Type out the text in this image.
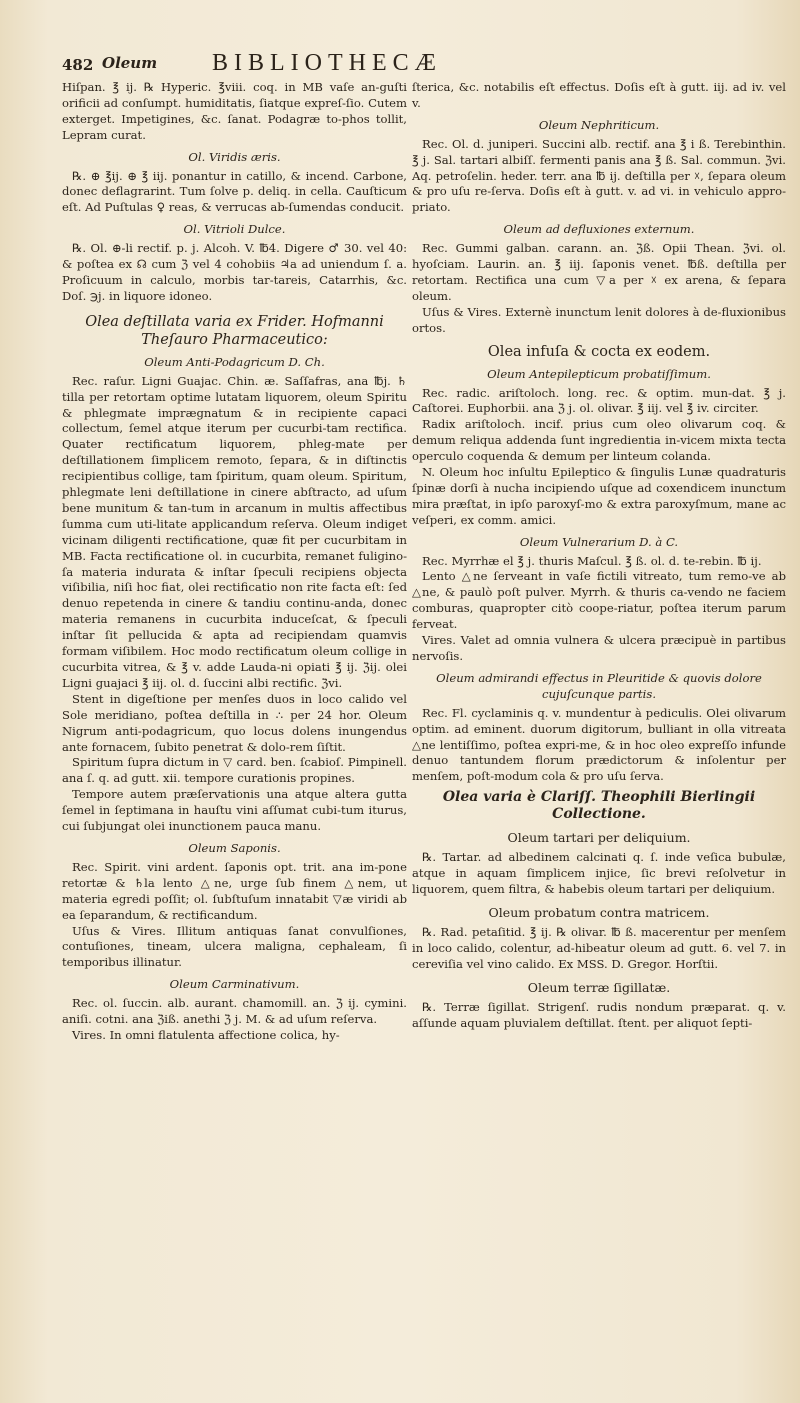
482 Oleum BIBLIOTHECÆ

Hiſpan. ℥ ij. ℞ Hyperic. ℥viii. coq. in MB vaſe an-guſti orificii ad conſumpt. humiditatis, ſiatque expreſ-ſio. Cutem exterget. Impetigines, &c. ſanat. Podagræ to-phos tollit, Lepram curat.

Ol. Viridis æris.

℞. ⊕ ℥ij. ⊕ ℥ iij. ponantur in catillo, & incend. Carbone, donec deflagrarint. Tum ſolve p. deliq. in cella. Cauſticum eſt. Ad Puſtulas ♀ reas, & verrucas ab-ſumendas conducit.

Ol. Vitrioli Dulce.

℞. Ol. ⊕-li rectif. p. j. Alcoh. V. ℔4. Digere ♂ 30. vel 40: & poſtea ex ☊ cum ℨ vel 4 cohobiis ♃a ad uniendum ſ. a. Proſicuum in calculo, morbis tar-tareis, Catarrhis, &c. Doſ. ℈j. in liquore idoneo.

Olea deſtillata varia ex Frider. Hofmanni Theſauro Pharmaceutico:
Oleum Anti-Podagricum D. Ch.

Rec. raſur. Ligni Guajac. Chin. æ. Saſſafras, ana ℔j. ♄ tilla per retortam optime lutatam liquorem, oleum Spiritu & phlegmate imprægnatum & in recipiente capaci collectum, ſemel atque iterum per cucurbi-tam rectifica. Quater rectificatum liquorem, phleg-mate per deſtillationem ſimplicem remoto, ſepara, & in diſtinctis recipientibus collige, tam ſpiritum, quam oleum. Spiritum, phlegmate leni deſtillatione in cinere abſtracto, ad uſum bene munitum & tan-tum in arcanum in multis affectibus ſumma cum uti-litate applicandum reſerva. Oleum indiget vicinam diligenti rectificatione, quæ fit per cucurbitam in MB. Facta rectificatione ol. in cucurbita, remanet fuligino-ſa materia indurata & inſtar ſpeculi recipiens objecta viſibilia, niſi hoc fiat, olei rectificatio non rite facta eſt: ſed denuo repetenda in cinere & tandiu continu-anda, donec materia remanens in cucurbita induceſcat, & ſpeculi inſtar ſit pellucida & apta ad recipiendam quamvis formam viſibilem. Hoc modo rectificatum oleum collige in cucurbita vitrea, & ℥ v. adde Lauda-ni opiati ℥ ij. ℨij. olei Ligni guajaci ℥ iij. ol. d. ſuccini albi rectific. ℨvi.

Stent in digeſtione per menſes duos in loco calido vel Sole meridiano, poſtea deſtilla in ∴ per 24 hor. Oleum Nigrum anti-podagricum, quo locus dolens inungendus ante fornacem, ſubito penetrat & dolo-rem ſiſtit.

Spiritum ſupra dictum in ▽ card. ben. ſcabioſ. Pimpinell. ana ſ. q. ad gutt. xii. tempore curationis propines.

Tempore autem præſervationis una atque altera gutta ſemel in ſeptimana in hauſtu vini aſſumat cubi-tum iturus, cui ſubjungat olei inunctionem pauca manu.

Oleum Saponis.

Rec. Spirit. vini ardent. ſaponis opt. trit. ana im-pone retortæ & ♄la lento △ne, urge ſub finem △nem, ut materia egredi poſſit; ol. ſubſtuſum innatabit ▽æ viridi ab ea ſeparandum, & rectificandum.

Uſus & Vires. Illitum antiquas ſanat convulſiones, contuſiones, tineam, ulcera maligna, cephaleam, ſi temporibus illinatur.

Oleum Carminativum.

Rec. ol. ſuccin. alb. aurant. chamomill. an. ℨ ij. cymini. aniſi. cotni. ana ℨiß. anethi ℨ j. M. & ad uſum reſerva.

Vires. In omni flatulenta affectione colica, hy-

ſterica, &c. notabilis eſt effectus. Doſis eſt à gutt. iij. ad iv. vel v.

Oleum Nephriticum.

Rec. Ol. d. juniperi. Succini alb. rectif. ana ℥ i ß. Terebinthin. ℥ j. Sal. tartari albiſſ. fermenti panis ana ℥ ß. Sal. commun. ℨvi. Aq. petroſelin. heder. terr. ana ℔ ij. deſtilla per ☓, ſepara oleum & pro uſu re-ſerva. Doſis eſt à gutt. v. ad vi. in vehiculo appro-priato.

Oleum ad defluxiones externum.

Rec. Gummi galban. carann. an. ℨß. Opii Thean. ℨvi. ol. hyoſciam. Laurin. an. ℥ iij. ſaponis venet. ℔ß. deſtilla per retortam. Rectifica una cum ▽a per ☓ ex arena, & ſepara oleum.

Uſus & Vires. Externè inunctum lenit dolores à de-fluxionibus ortos.

Olea infuſa & cocta ex eodem.
Oleum Antepilepticum probatiſſimum.

Rec. radic. ariſtoloch. long. rec. & optim. mun-dat. ℥ j. Caſtorei. Euphorbii. ana ℨ j. ol. olivar. ℥ iij. vel ℥ iv. circiter.

Radix ariſtoloch. incif. prius cum oleo olivarum coq. & demum reliqua addenda ſunt ingredientia in-vicem mixta tecta operculo coquenda & demum per linteum colanda.

N. Oleum hoc inſultu Epileptico & ſingulis Lunæ quadraturis ſpinæ dorſi à nucha incipiendo uſque ad coxendicem inunctum mira præſtat, in ipſo paroxyſ-mo & extra paroxyſmum, mane ac veſperi, ex comm. amici.

Oleum Vulnerarium D. à C.

Rec. Myrrhæ el ℥ j. thuris Maſcul. ℥ ß. ol. d. te-rebin. ℔ ij.

Lento △ne ſerveant in vaſe fictili vitreato, tum remo-ve ab △ne, & paulò poſt pulver. Myrrh. & thuris ca-vendo ne faciem comburas, quapropter citò coope-riatur, poſtea iterum parum ferveat.

Vires. Valet ad omnia vulnera & ulcera præcipuè in partibus nervoſis.

Oleum admirandi effectus in Pleuritide & quovis dolore cujuſcunque partis.

Rec. Fl. cyclaminis q. v. mundentur à pediculis. Olei olivarum optim. ad eminent. duorum digitorum, bulliant in olla vitreata △ne lentiſſimo, poſtea expri-me, & in hoc oleo expreſſo infunde denuo tantundem florum prædictorum & inſolentur per menſem, poſt-modum cola & pro uſu ſerva.

Olea varia è Clariſſ. Theophili Bierlingii Collectione.
Oleum tartari per deliquium.

℞. Tartar. ad albedinem calcinati q. ſ. inde veſica bubulæ, atque in aquam ſimplicem injice, ſic brevi reſolvetur in liquorem, quem filtra, & habebis oleum tartari per deliquium.

Oleum probatum contra matricem.

℞. Rad. petaſitid. ℥ ij. ℞ olivar. ℔ ß. macerentur per menſem in loco calido, colentur, ad-hibeatur oleum ad gutt. 6. vel 7. in cereviſia vel vino calido. Ex MSS. D. Gregor. Horſtii.

Oleum terræ ſigillatæ.

℞. Terræ ſigillat. Strigenſ. rudis nondum præparat. q. v. aſſunde aquam pluvialem deſtillat. ſtent. per aliquot ſepti-
